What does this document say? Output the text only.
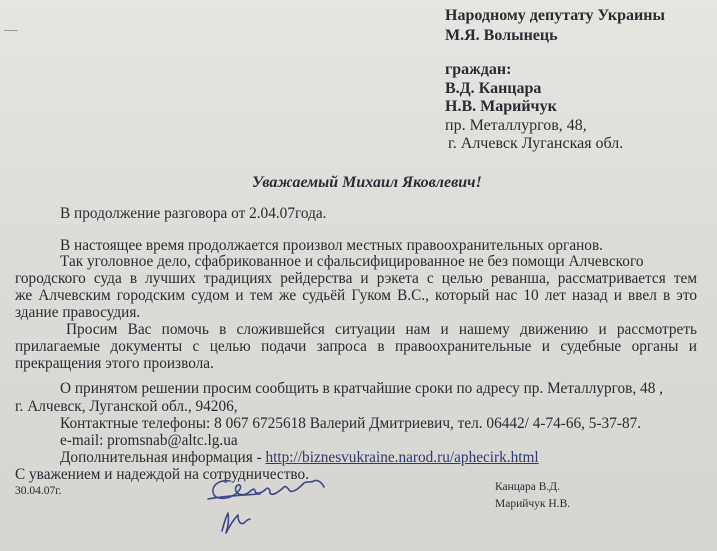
Народному депутату Украины
М.Я. Волынець
граждан:
В.Д. Канцара
Н.В. Марийчук
пр. Металлургов, 48,
г. Алчевск Луганская обл.
Уважаемый Михаил Яковлевич!
В продолжение разговора от 2.04.07года.
В настоящее время продолжается произвол местных правоохранительных органов.
Так уголовное дело, сфабрикованное и сфальсифицированное не без помощи Алчевского
городского суда в лучших традициях рейдерства и рэкета с целью реванша, рассматривается тем
же Алчевским городским судом и тем же судьёй Гуком В.С., который нас 10 лет назад и ввел в это
здание правосудия.
Просим Вас помочь в сложившейся ситуации нам и нашему движению и рассмотреть
прилагаемые документы с целью подачи запроса в правоохранительные и судебные органы и
прекращения этого произвола.
О принятом решении просим сообщить в кратчайшие сроки по адресу пр. Металлургов, 48 ,
г. Алчевск, Луганской обл., 94206,
Контактные телефоны: 8 067 6725618 Валерий Дмитриевич, тел. 06442/ 4-74-66, 5-37-87.
e-mail: promsnab@altc.lg.ua
Дополнительная информация - http://biznesvukraine.narod.ru/aphecirk.html
С уважением и надеждой на сотрудничество.
30.04.07г.	Канцара В.Д.
Марийчук Н.В.
